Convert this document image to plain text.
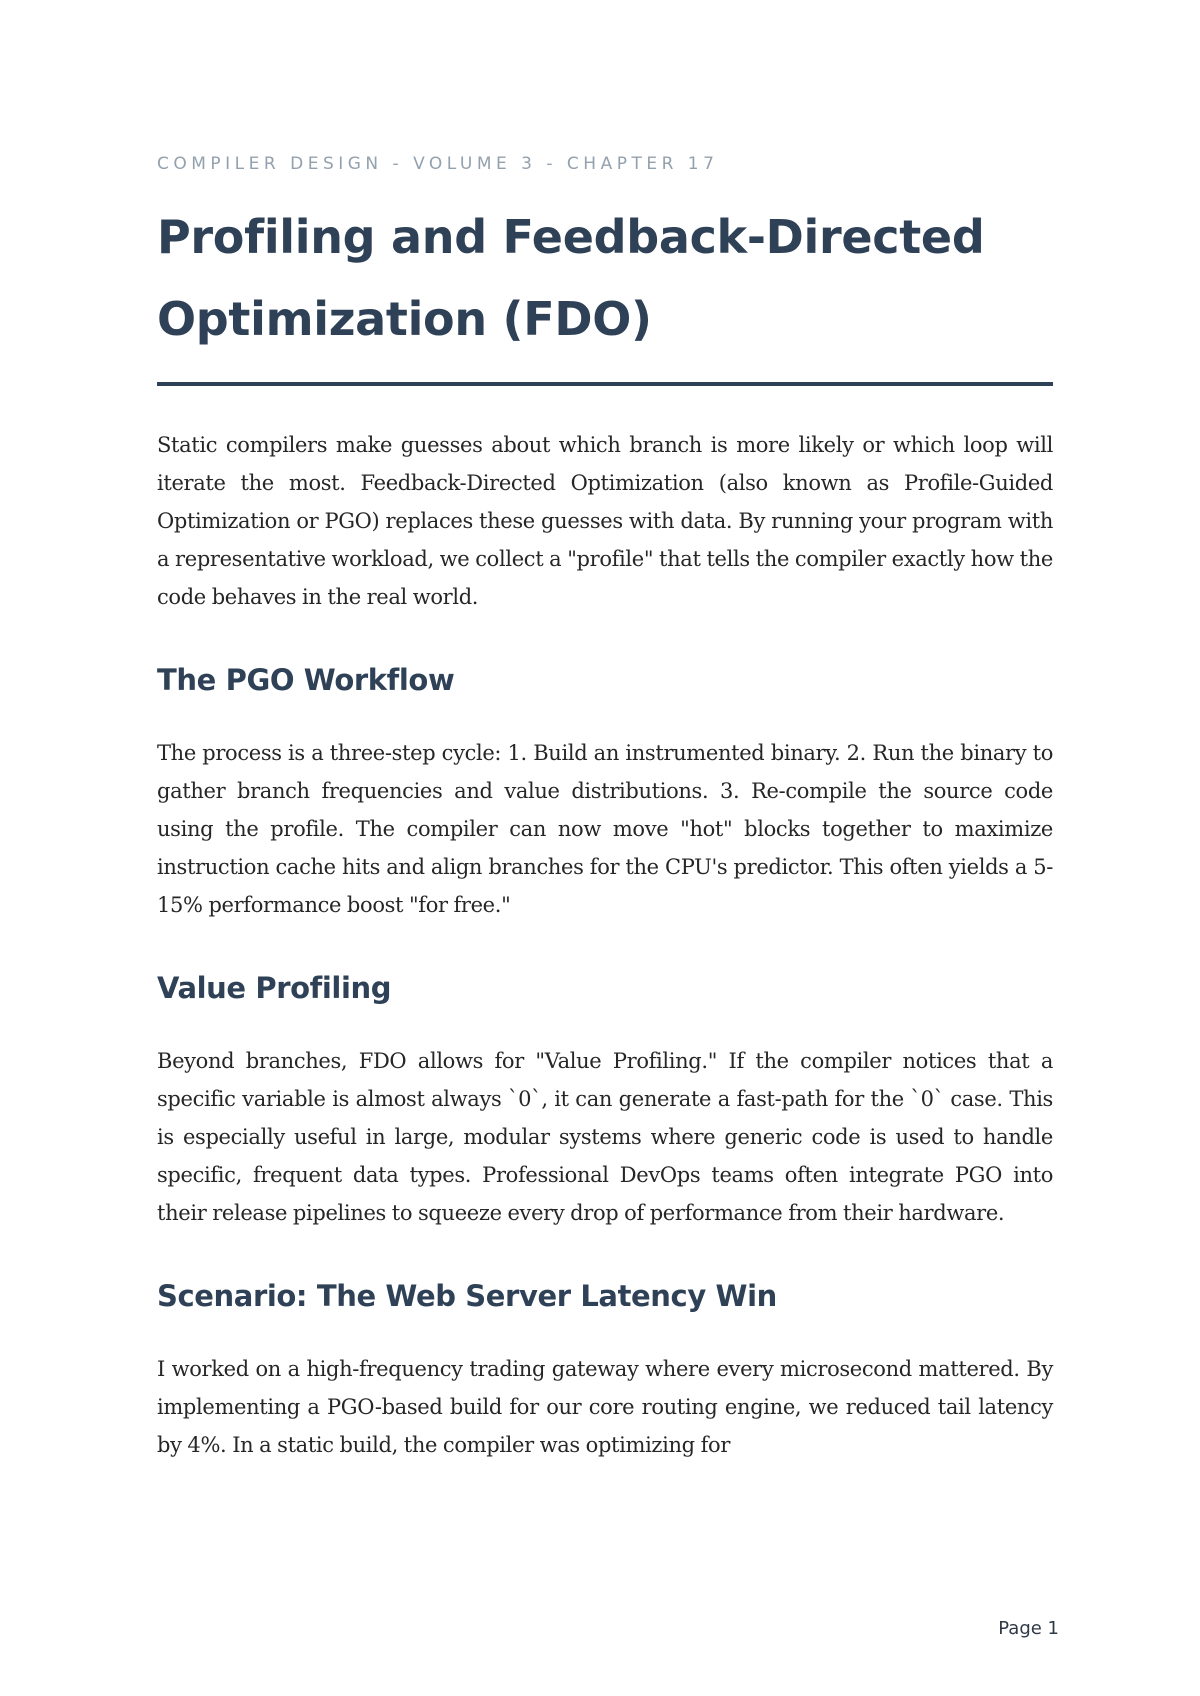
COMPILER DESIGN - VOLUME 3 - CHAPTER 17
Profiling and Feedback-Directed Optimization (FDO)

Static compilers make guesses about which branch is more likely or which loop will iterate the most. Feedback-Directed Optimization (also known as Profile-Guided Optimization or PGO) replaces these guesses with data. By running your program with a representative workload, we collect a "profile" that tells the compiler exactly how the code behaves in the real world.

The PGO Workflow

The process is a three-step cycle: 1. Build an instrumented binary. 2. Run the binary to gather branch frequencies and value distributions. 3. Re-compile the source code using the profile. The compiler can now move "hot" blocks together to maximize instruction cache hits and align branches for the CPU's predictor. This often yields a 5-15% performance boost "for free."

Value Profiling

Beyond branches, FDO allows for "Value Profiling." If the compiler notices that a specific variable is almost always `0`, it can generate a fast-path for the `0` case. This is especially useful in large, modular systems where generic code is used to handle specific, frequent data types. Professional DevOps teams often integrate PGO into their release pipelines to squeeze every drop of performance from their hardware.

Scenario: The Web Server Latency Win

I worked on a high-frequency trading gateway where every microsecond mattered. By implementing a PGO-based build for our core routing engine, we reduced tail latency by 4%. In a static build, the compiler was optimizing for

Page 1
